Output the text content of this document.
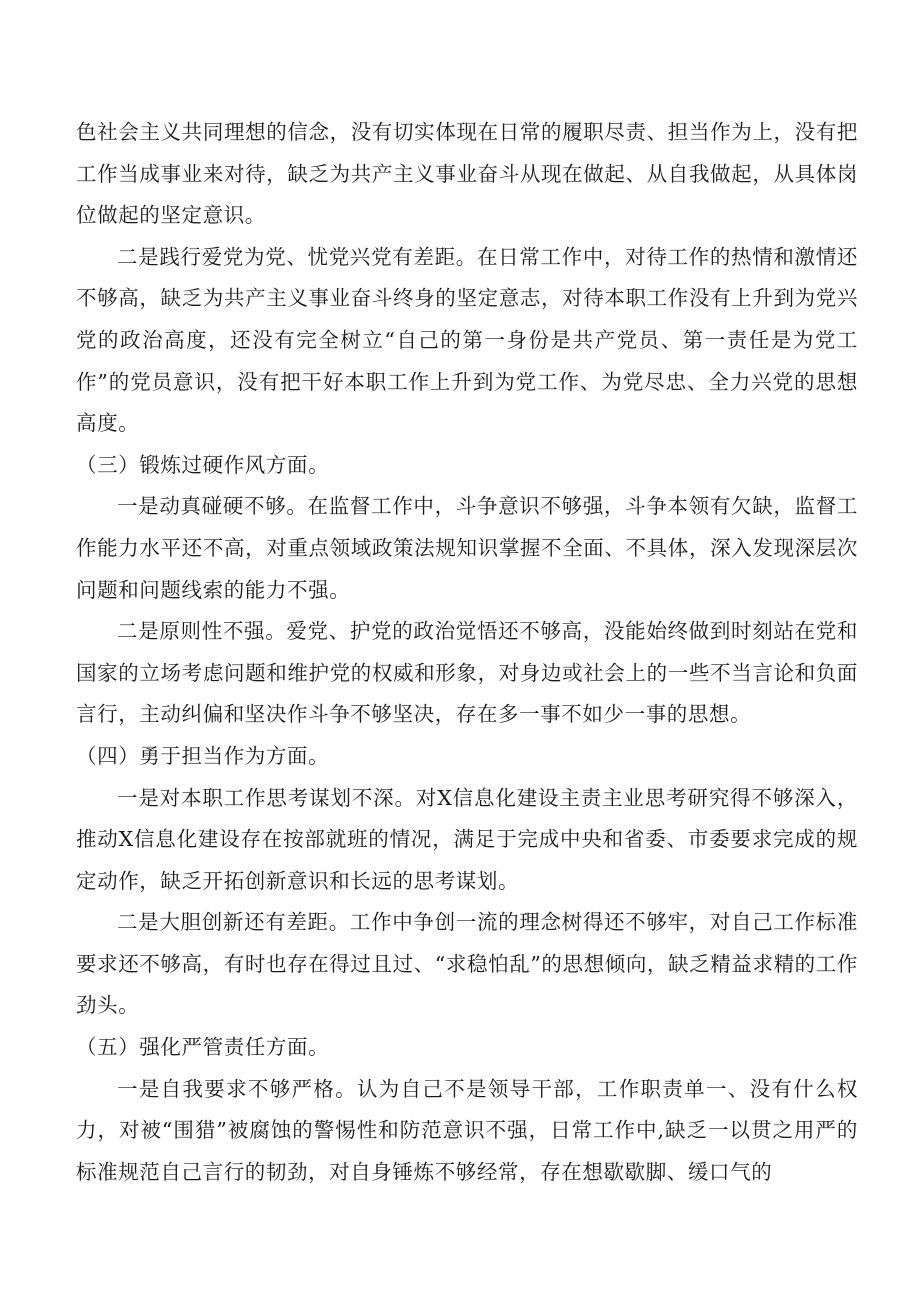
色社会主义共同理想的信念，没有切实体现在日常的履职尽责、担当作为上，没有把工作当成事业来对待，缺乏为共产主义事业奋斗从现在做起、从自我做起，从具体岗位做起的坚定意识。

二是践行爱党为党、忧党兴党有差距。在日常工作中，对待工作的热情和激情还不够高，缺乏为共产主义事业奋斗终身的坚定意志，对待本职工作没有上升到为党兴党的政治高度，还没有完全树立“自己的第一身份是共产党员、第一责任是为党工作”的党员意识，没有把干好本职工作上升到为党工作、为党尽忠、全力兴党的思想高度。

（三）锻炼过硬作风方面。

一是动真碰硬不够。在监督工作中，斗争意识不够强，斗争本领有欠缺，监督工作能力水平还不高，对重点领域政策法规知识掌握不全面、不具体，深入发现深层次问题和问题线索的能力不强。

二是原则性不强。爱党、护党的政治觉悟还不够高，没能始终做到时刻站在党和国家的立场考虑问题和维护党的权威和形象，对身边或社会上的一些不当言论和负面言行，主动纠偏和坚决作斗争不够坚决，存在多一事不如少一事的思想。

（四）勇于担当作为方面。

一是对本职工作思考谋划不深。对X信息化建设主责主业思考研究得不够深入，推动X信息化建设存在按部就班的情况，满足于完成中央和省委、市委要求完成的规定动作，缺乏开拓创新意识和长远的思考谋划。

二是大胆创新还有差距。工作中争创一流的理念树得还不够牢，对自己工作标准要求还不够高，有时也存在得过且过、“求稳怕乱”的思想倾向，缺乏精益求精的工作劲头。

（五）强化严管责任方面。

一是自我要求不够严格。认为自己不是领导干部，工作职责单一、没有什么权力，对被“围猎”被腐蚀的警惕性和防范意识不强，日常工作中,缺乏一以贯之用严的标准规范自己言行的韧劲，对自身锤炼不够经常，存在想歇歇脚、缓口气的
